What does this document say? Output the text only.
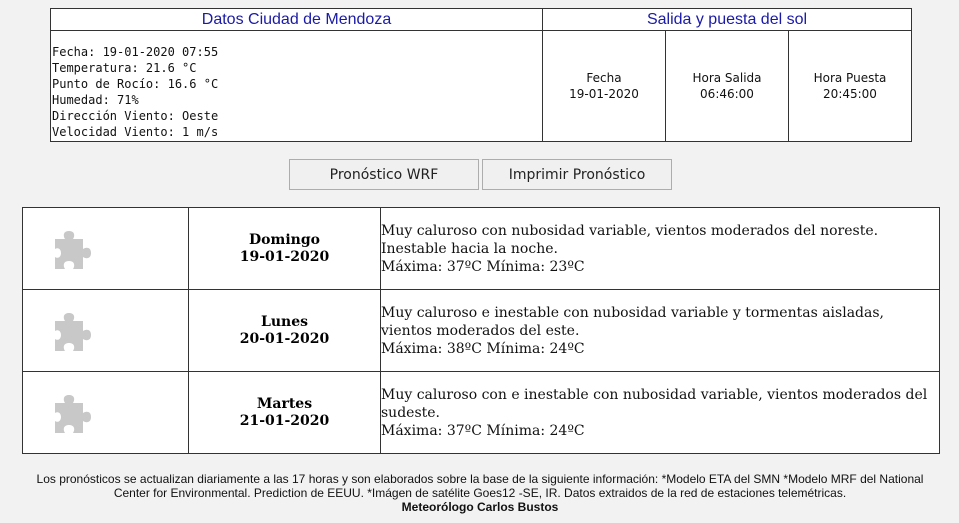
Datos Ciudad de Mendoza
Fecha: 19-01-2020 07:55
Temperatura: 21.6 °C
Punto de Rocío: 16.6 °C
Humedad: 71%
Dirección Viento: Oeste
Velocidad Viento: 1 m/s
Salida y puesta del sol
Fecha
19-01-2020
Hora Salida
06:46:00
Hora Puesta
20:45:00
Pronóstico WRF	Imprimir Pronóstico
Domingo
19-01-2020
Muy caluroso con nubosidad variable, vientos moderados del noreste. Inestable hacia la noche.
Máxima: 37ºC Mínima: 23ºC
Lunes
20-01-2020
Muy caluroso e inestable con nubosidad variable y tormentas aisladas, vientos moderados del este.
Máxima: 38ºC Mínima: 24ºC
Martes
21-01-2020
Muy caluroso con e inestable con nubosidad variable, vientos moderados del sudeste.
Máxima: 37ºC Mínima: 24ºC
Los pronósticos se actualizan diariamente a las 17 horas y son elaborados sobre la base de la siguiente información: *Modelo ETA del SMN *Modelo MRF del National Center for Environmental. Prediction de EEUU. *Imágen de satélite Goes12 -SE, IR. Datos extraidos de la red de estaciones telemétricas.
Meteorólogo Carlos Bustos
